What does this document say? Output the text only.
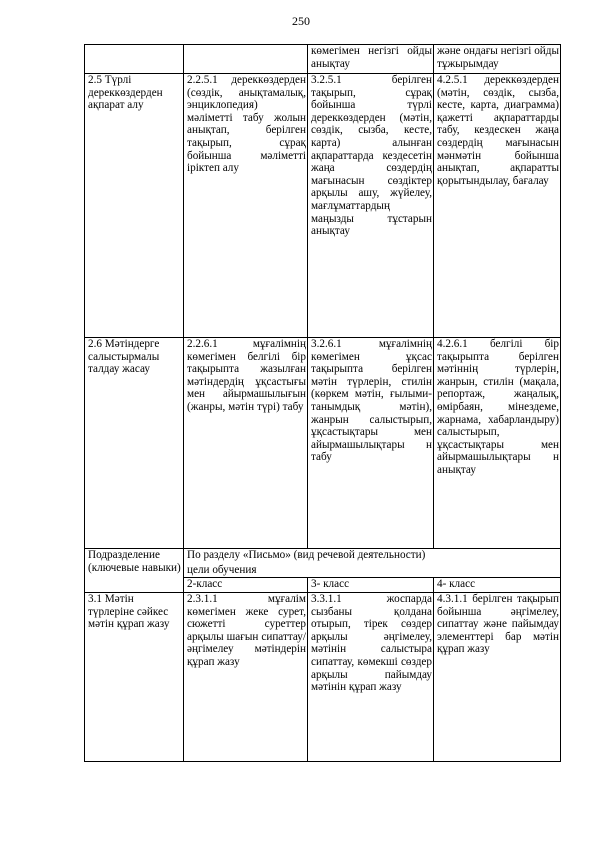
250
		көмегімен негізгі ойды анықтау	және ондағы негізгі ойды тұжырымдау
2.5 Түрлі дереккөздерден ақпарат алу	2.2.5.1 дереккөздерден (сөздік, анықтамалық, энциклопедия) мәліметті табу жолын анықтап, берілген тақырып, сұрақ бойынша мәліметті іріктеп алу	3.2.5.1 берілген тақырып, сұрақ бойынша түрлі дереккөздерден (мәтін, сөздік, сызба, кесте, карта) алынған ақпараттарда кездесетін жаңа сөздердің мағынасын сөздіктер арқылы ашу, жүйелеу, мағлұматтардың маңызды тұстарын анықтау	4.2.5.1 дереккөздерден (мәтін, сөздік, сызба, кесте, карта, диаграмма) қажетті ақпараттарды табу, кездескен жаңа сөздердің мағынасын мәнмәтін бойынша анықтап, ақпаратты қорытындылау, бағалау
2.6 Мәтіндерге салыстырмалы талдау жасау	2.2.6.1 мұғалімнің көмегімен белгілі бір тақырыпта жазылған мәтіндердің ұқсастығы мен айырмашылығын (жанры, мәтін түрі) табу	3.2.6.1 мұғалімнің көмегімен ұқсас тақырыпта берілген мәтін түрлерін, стилін (көркем мәтін, ғылыми-танымдық мәтін), жанрын салыстырып, ұқсастықтары мен айырмашылықтары н табу	4.2.6.1 белгілі бір тақырыпта берілген мәтіннің түрлерін, жанрын, стилін (мақала, репортаж, жаңалық, өмірбаян, мінездеме, жарнама, хабарландыру) салыстырып, ұқсастықтары мен айырмашылықтары н анықтау
Подразделение (ключевые навыки)	По разделу «Письмо» (вид речевой деятельности)		
	цели обучения		
	2-класс	3- класс	4- класс
3.1 Мәтін түрлеріне сәйкес мәтін құрап жазу	2.3.1.1 мұғалім көмегімен жеке сурет, сюжетті суреттер арқылы шағын сипаттау/әңгімелеу мәтіндерін құрап жазу	3.3.1.1 жоспарда сызбаны қолдана отырып, тірек сөздер арқылы әңгімелеу, мәтінін салыстыра сипаттау, көмекші сөздер арқылы пайымдау мәтінін құрап жазу	4.3.1.1 берілген тақырып бойынша әңгімелеу, сипаттау және пайымдау элементтері бар мәтін құрап жазу
